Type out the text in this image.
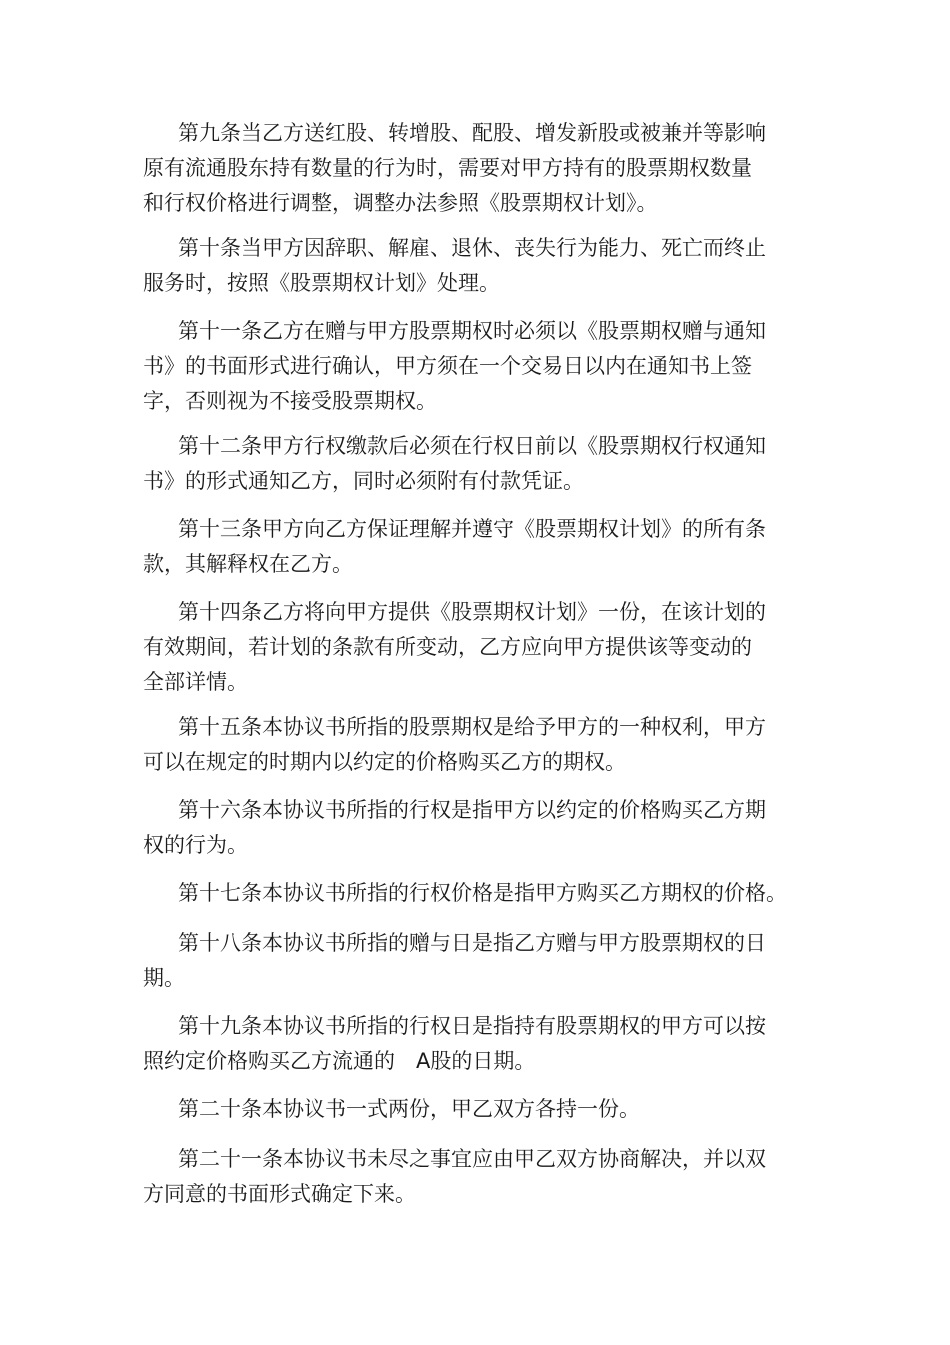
第九条当乙方送红股、转增股、配股、增发新股或被兼并等影响

原有流通股东持有数量的行为时，需要对甲方持有的股票期权数量

和行权价格进行调整，调整办法参照《股票期权计划》。

第十条当甲方因辞职、解雇、退休、丧失行为能力、死亡而终止

服务时，按照《股票期权计划》处理。

第十一条乙方在赠与甲方股票期权时必须以《股票期权赠与通知

书》的书面形式进行确认，甲方须在一个交易日以内在通知书上签

字，否则视为不接受股票期权。

第十二条甲方行权缴款后必须在行权日前以《股票期权行权通知

书》的形式通知乙方，同时必须附有付款凭证。

第十三条甲方向乙方保证理解并遵守《股票期权计划》的所有条

款，其解释权在乙方。

第十四条乙方将向甲方提供《股票期权计划》一份，在该计划的

有效期间，若计划的条款有所变动，乙方应向甲方提供该等变动的

全部详情。

第十五条本协议书所指的股票期权是给予甲方的一种权利，甲方

可以在规定的时期内以约定的价格购买乙方的期权。

第十六条本协议书所指的行权是指甲方以约定的价格购买乙方期

权的行为。

第十七条本协议书所指的行权价格是指甲方购买乙方期权的价格。

第十八条本协议书所指的赠与日是指乙方赠与甲方股票期权的日

期。

第十九条本协议书所指的行权日是指持有股票期权的甲方可以按

照约定价格购买乙方流通的　A股的日期。

第二十条本协议书一式两份，甲乙双方各持一份。

第二十一条本协议书未尽之事宜应由甲乙双方协商解决，并以双

方同意的书面形式确定下来。
